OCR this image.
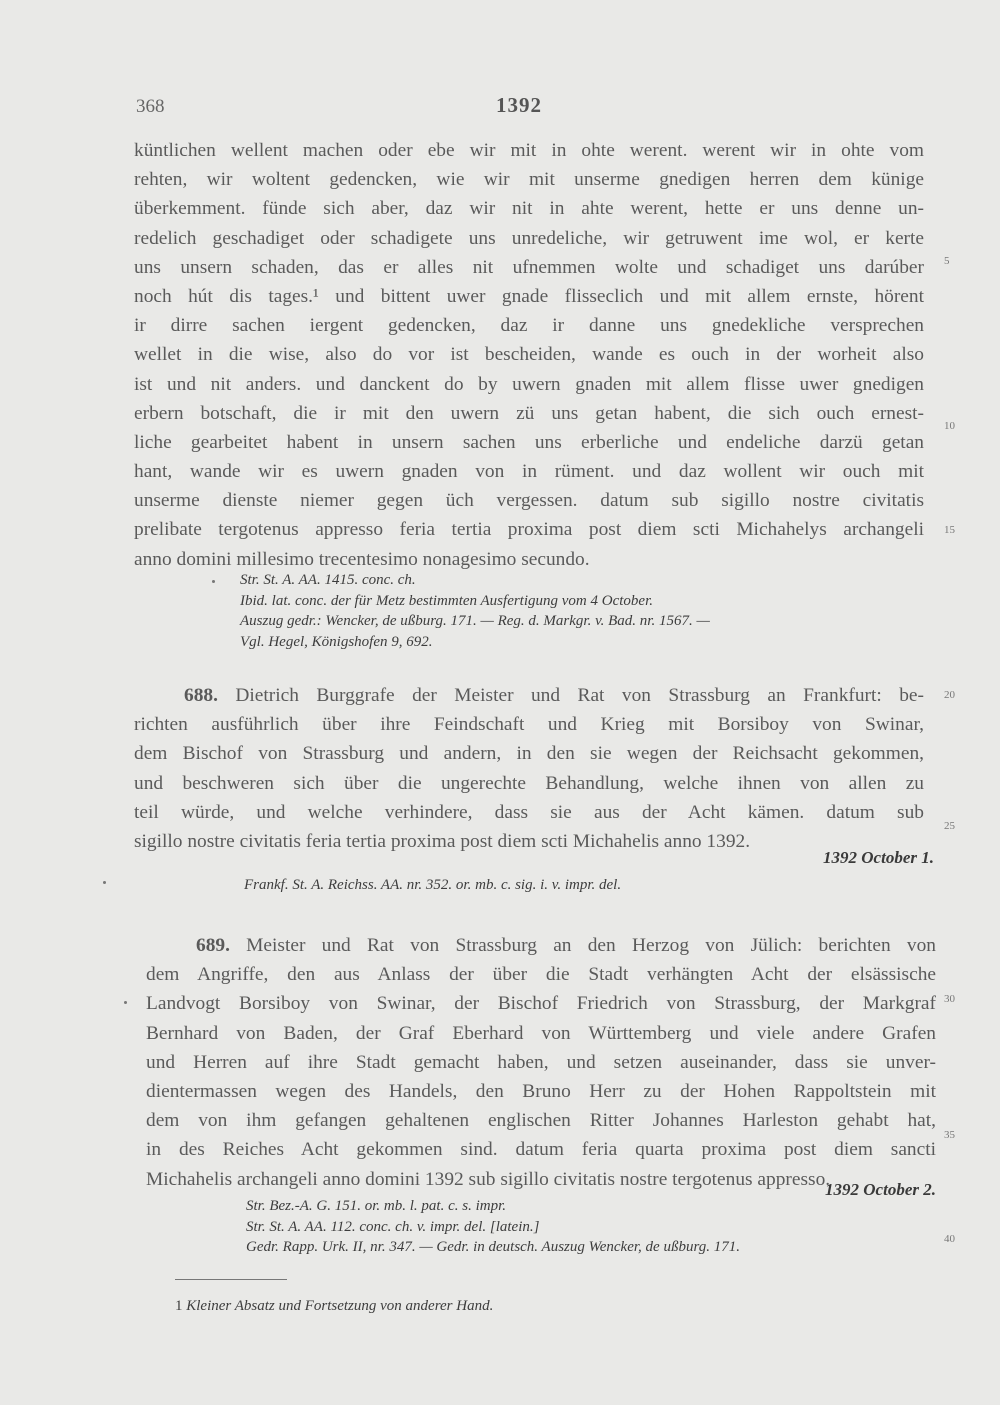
368	1392
küntlichen wellent machen oder ebe wir mit in ohte werent. werent wir in ohte vom
rehten, wir woltent gedencken, wie wir mit unserme gnedigen herren dem künige
überkemment. fünde sich aber, daz wir nit in ahte werent, hette er uns denne un-
redelich geschadiget oder schadigete uns unredeliche, wir getruwent ime wol, er kerte
uns unsern schaden, das er alles nit ufnemmen wolte und schadiget uns darúber
noch hút dis tages.¹ und bittent uwer gnade flisseclich und mit allem ernste, hörent
ir dirre sachen iergent gedencken, daz ir danne uns gnedekliche versprechen
wellet in die wise, also do vor ist bescheiden, wande es ouch in der worheit also
ist und nit anders. und danckent do by uwern gnaden mit allem flisse uwer gnedigen
erbern botschaft, die ir mit den uwern zü uns getan habent, die sich ouch ernest-
liche gearbeitet habent in unsern sachen uns erberliche und endeliche darzü getan
hant, wande wir es uwern gnaden von in rüment. und daz wollent wir ouch mit
unserme dienste niemer gegen üch vergessen. datum sub sigillo nostre civitatis
prelibate tergotenus appresso feria tertia proxima post diem scti Michahelys archangeli
anno domini millesimo trecentesimo nonagesimo secundo.
Str. St. A. AA. 1415. conc. ch.
Ibid. lat. conc. der für Metz bestimmten Ausfertigung vom 4 October.
Auszug gedr.: Wencker, de ußburg. 171. — Reg. d. Markgr. v. Bad. nr. 1567. —
Vgl. Hegel, Königshofen 9, 692.
688. Dietrich Burggrafe der Meister und Rat von Strassburg an Frankfurt: be-
richten ausführlich über ihre Feindschaft und Krieg mit Borsiboy von Swinar,
dem Bischof von Strassburg und andern, in den sie wegen der Reichsacht gekommen,
und beschweren sich über die ungerechte Behandlung, welche ihnen von allen zu
teil würde, und welche verhindere, dass sie aus der Acht kämen. datum sub
sigillo nostre civitatis feria tertia proxima post diem scti Michahelis anno 1392.
1392 October 1.
Frankf. St. A. Reichss. AA. nr. 352. or. mb. c. sig. i. v. impr. del.
689. Meister und Rat von Strassburg an den Herzog von Jülich: berichten von
dem Angriffe, den aus Anlass der über die Stadt verhängten Acht der elsässische
Landvogt Borsiboy von Swinar, der Bischof Friedrich von Strassburg, der Markgraf
Bernhard von Baden, der Graf Eberhard von Württemberg und viele andere Grafen
und Herren auf ihre Stadt gemacht haben, und setzen auseinander, dass sie unver-
dientermassen wegen des Handels, den Bruno Herr zu der Hohen Rappoltstein mit
dem von ihm gefangen gehaltenen englischen Ritter Johannes Harleston gehabt hat,
in des Reiches Acht gekommen sind. datum feria quarta proxima post diem sancti
Michahelis archangeli anno domini 1392 sub sigillo civitatis nostre tergotenus appresso.
1392 October 2.
Str. Bez.-A. G. 151. or. mb. l. pat. c. s. impr.
Str. St. A. AA. 112. conc. ch. v. impr. del. [latein.]
Gedr. Rapp. Urk. II, nr. 347. — Gedr. in deutsch. Auszug Wencker, de ußburg. 171.
5
10
15
20
25
30
35
40
1 Kleiner Absatz und Fortsetzung von anderer Hand.
